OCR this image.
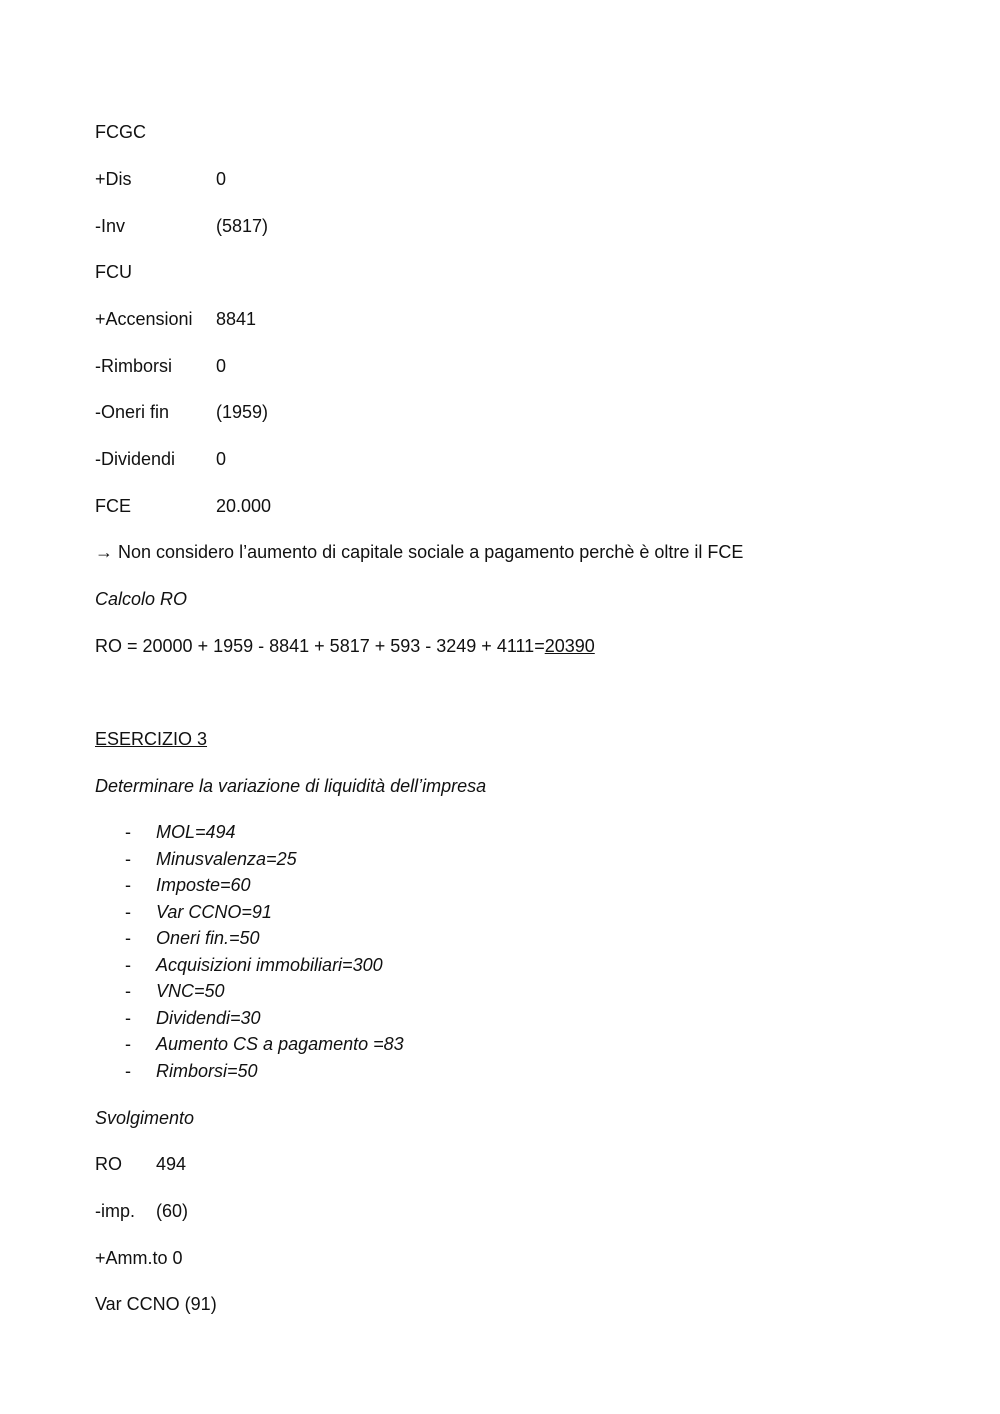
FCGC
+Dis	0
-Inv	(5817)
FCU
+Accensioni 8841
-Rimborsi 0
-Oneri fin	(1959)
-Dividendi 0
FCE	20.000
→ Non considero l’aumento di capitale sociale a pagamento perchè è oltre il FCE
Calcolo RO
RO = 20000 + 1959 - 8841 + 5817 + 593 - 3249 + 4111=20390
ESERCIZIO 3
Determinare la variazione di liquidità dell’impresa
- MOL=494
- Minusvalenza=25
- Imposte=60
- Var CCNO=91
- Oneri fin.=50
- Acquisizioni immobiliari=300
- VNC=50
- Dividendi=30
- Aumento CS a pagamento =83
- Rimborsi=50
Svolgimento
RO 494
-imp. (60)
+Amm.to 0
Var CCNO (91)
